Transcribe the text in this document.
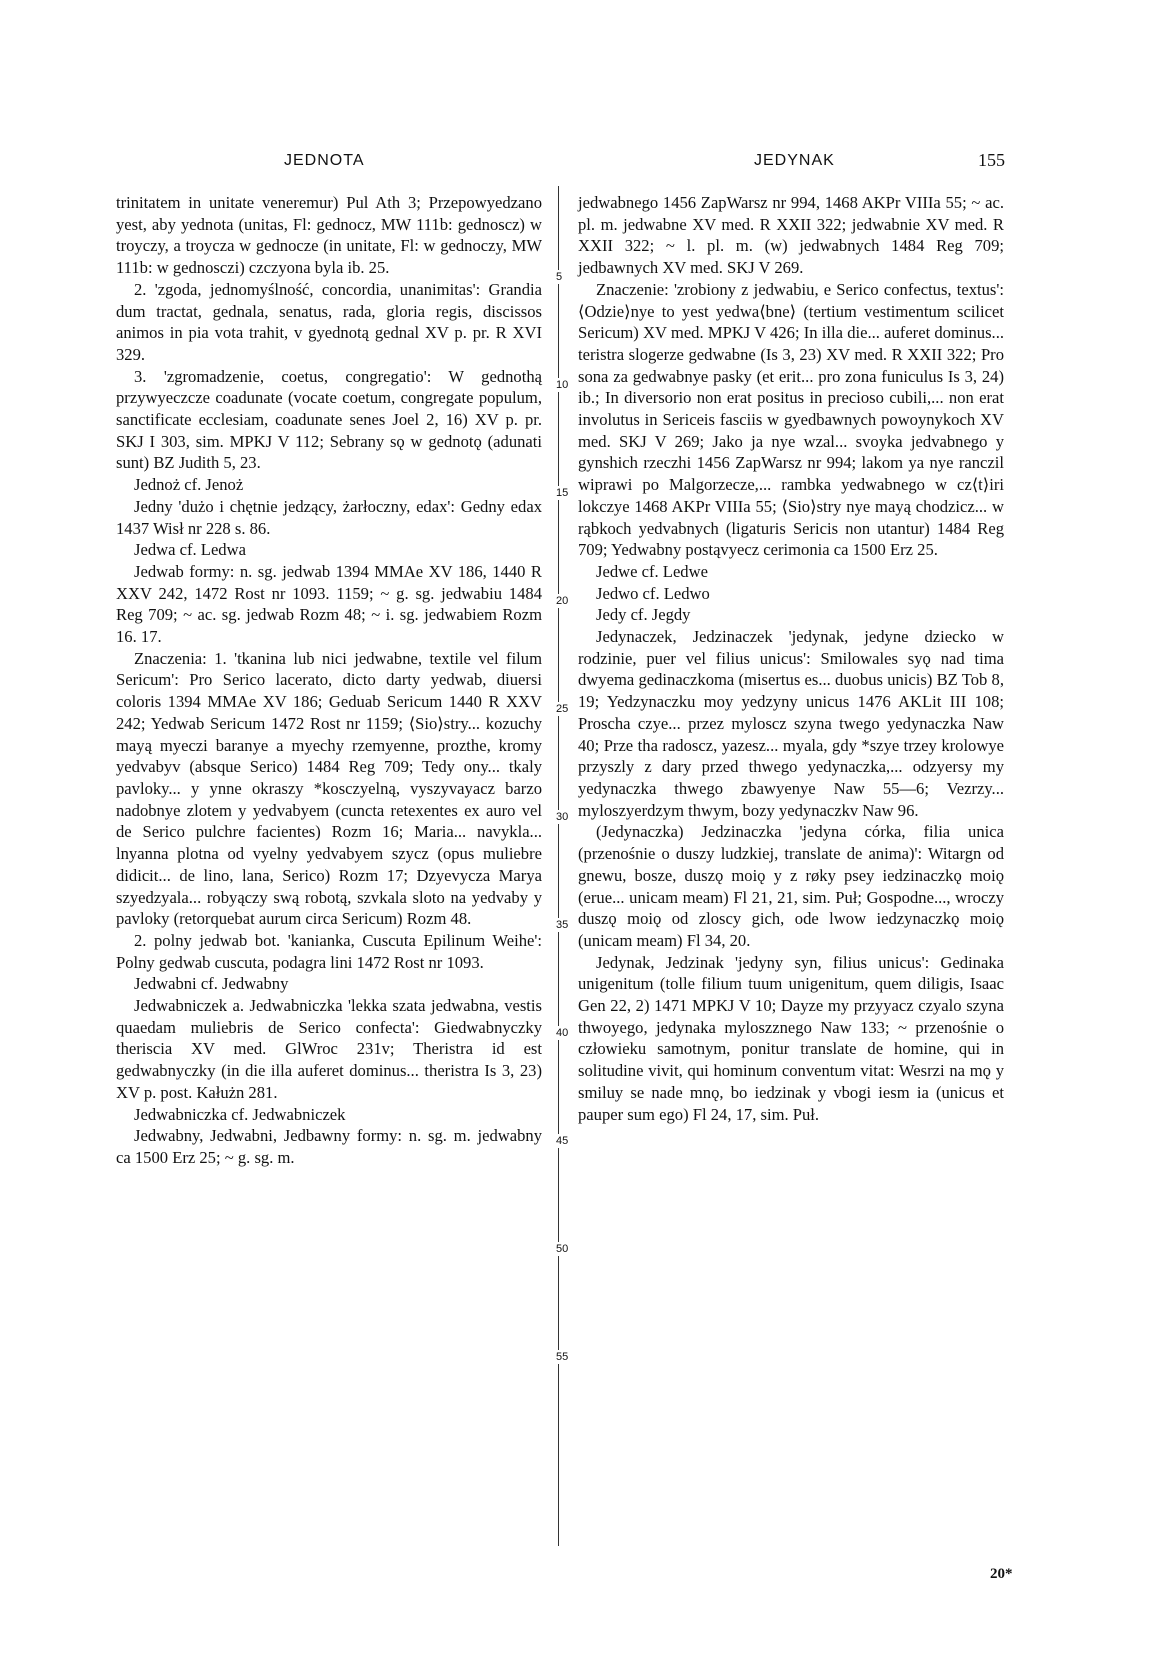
JEDNOTA	JEDYNAK	155

trinitatem in unitate veneremur) Pul Ath 3; Przepowyedzano yest, aby yednota (unitas, Fl: gednocz, MW 111b: gednoscz) w troyczy, a troycza w gednocze (in unitate, Fl: w gednoczy, MW 111b: w gednosczi) czczyona byla ib. 25.

2. 'zgoda, jednomyślność, concordia, unanimitas': Grandia dum tractat, gednala, senatus, rada, gloria regis, discissos animos in pia vota trahit, v gyednotą gednal XV p. pr. R XVI 329.

3. 'zgromadzenie, coetus, congregatio': W gednothą przywyeczcze coadunate (vocate coetum, congregate populum, sanctificate ecclesiam, coadunate senes Joel 2, 16) XV p. pr. SKJ I 303, sim. MPKJ V 112; Sebrany sǫ w gednotǫ (adunati sunt) BZ Judith 5, 23.

Jednoż cf. Jenoż

Jedny 'dużo i chętnie jedzący, żarłoczny, edax': Gedny edax 1437 Wisł nr 228 s. 86.

Jedwa cf. Ledwa

Jedwab formy: n. sg. jedwab 1394 MMAe XV 186, 1440 R XXV 242, 1472 Rost nr 1093. 1159; ~ g. sg. jedwabiu 1484 Reg 709; ~ ac. sg. jedwab Rozm 48; ~ i. sg. jedwabiem Rozm 16. 17.

Znaczenia: 1. 'tkanina lub nici jedwabne, textile vel filum Sericum': Pro Serico lacerato, dicto darty yedwab, diuersi coloris 1394 MMAe XV 186; Geduab Sericum 1440 R XXV 242; Yedwab Sericum 1472 Rost nr 1159; ⟨Sio⟩stry... kozuchy mayą myeczi baranye a myechy rzemyenne, prozthe, kromy yedvabyv (absque Serico) 1484 Reg 709; Tedy ony... tkaly pavloky... y ynne okraszy *kosczyelną, vyszyvayacz barzo nadobnye zlotem y yedvabyem (cuncta retexentes ex auro vel de Serico pulchre facientes) Rozm 16; Maria... navykla... lnyanna plotna od vyelny yedvabyem szycz (opus muliebre didicit... de lino, lana, Serico) Rozm 17; Dzyevycza Marya szyedzyala... robyączy swą robotą, szvkala sloto na yedvaby y pavloky (retorquebat aurum circa Sericum) Rozm 48.

2. polny jedwab bot. 'kanianka, Cuscuta Epilinum Weihe': Polny gedwab cuscuta, podagra lini 1472 Rost nr 1093.

Jedwabni cf. Jedwabny

Jedwabniczek a. Jedwabniczka 'lekka szata jedwabna, vestis quaedam muliebris de Serico confecta': Giedwabnyczky theriscia XV med. GlWroc 231v; Theristra id est gedwabnyczky (in die illa auferet dominus... theristra Is 3, 23) XV p. post. Kałużn 281.

Jedwabniczka cf. Jedwabniczek

Jedwabny, Jedwabni, Jedbawny formy: n. sg. m. jedwabny ca 1500 Erz 25; ~ g. sg. m.

5
10
15
20
25
30
35
40
45
50
55

jedwabnego 1456 ZapWarsz nr 994, 1468 AKPr VIIIa 55; ~ ac. pl. m. jedwabne XV med. R XXII 322; jedwabnie XV med. R XXII 322; ~ l. pl. m. (w) jedwabnych 1484 Reg 709; jedbawnych XV med. SKJ V 269.

Znaczenie: 'zrobiony z jedwabiu, e Serico confectus, textus': ⟨Odzie⟩nye to yest yedwa⟨bne⟩ (tertium vestimentum scilicet Sericum) XV med. MPKJ V 426; In illa die... auferet dominus... teristra slogerze gedwabne (Is 3, 23) XV med. R XXII 322; Pro sona za gedwabnye pasky (et erit... pro zona funiculus Is 3, 24) ib.; In diversorio non erat positus in precioso cubili,... non erat involutus in Sericeis fasciis w gyedbawnych powoynykoch XV med. SKJ V 269; Jako ja nye wzal... svoyka jedvabnego y gynshich rzeczhi 1456 ZapWarsz nr 994; lakom ya nye ranczil wiprawi po Malgorzecze,... rambka yedwabnego w cz⟨t⟩iri lokczye 1468 AKPr VIIIa 55; ⟨Sio⟩stry nye mayą chodzicz... w rąbkoch yedvabnych (ligaturis Sericis non utantur) 1484 Reg 709; Yedwabny postąvyecz cerimonia ca 1500 Erz 25.

Jedwe cf. Ledwe

Jedwo cf. Ledwo

Jedy cf. Jegdy

Jedynaczek, Jedzinaczek 'jedynak, jedyne dziecko w rodzinie, puer vel filius unicus': Smilowales syǫ nad tima dwyema gedinaczkoma (misertus es... duobus unicis) BZ Tob 8, 19; Yedzynaczku moy yedzyny unicus 1476 AKLit III 108; Proscha czye... przez myloscz szyna twego yedynaczka Naw 40; Prze tha radoscz, yazesz... myala, gdy *szye trzey krolowye przyszly z dary przed thwego yedynaczka,... odzyersy my yedynaczka thwego zbawyenye Naw 55—6; Vezrzy... myloszyerdzym thwym, bozy yedynaczkv Naw 96.

(Jedynaczka) Jedzinaczka 'jedyna córka, filia unica (przenośnie o duszy ludzkiej, translate de anima)': Witargn od gnewu, bosze, duszǫ moiǫ y z røky psey iedzinaczkǫ moiǫ (erue... unicam meam) Fl 21, 21, sim. Puł; Gospodne..., wroczy duszǫ moiǫ od zloscy gich, ode lwow iedzynaczkǫ moiǫ (unicam meam) Fl 34, 20.

Jedynak, Jedzinak 'jedyny syn, filius unicus': Gedinaka unigenitum (tolle filium tuum unigenitum, quem diligis, Isaac Gen 22, 2) 1471 MPKJ V 10; Dayze my przyyacz czyalo szyna thwoyego, jedynaka myloszznego Naw 133; ~ przenośnie o człowieku samotnym, ponitur translate de homine, qui in solitudine vivit, qui hominum conventum vitat: Wesrzi na mǫ y smiluy se nade mnǫ, bo iedzinak y vbogi iesm ia (unicus et pauper sum ego) Fl 24, 17, sim. Puł.

20*
